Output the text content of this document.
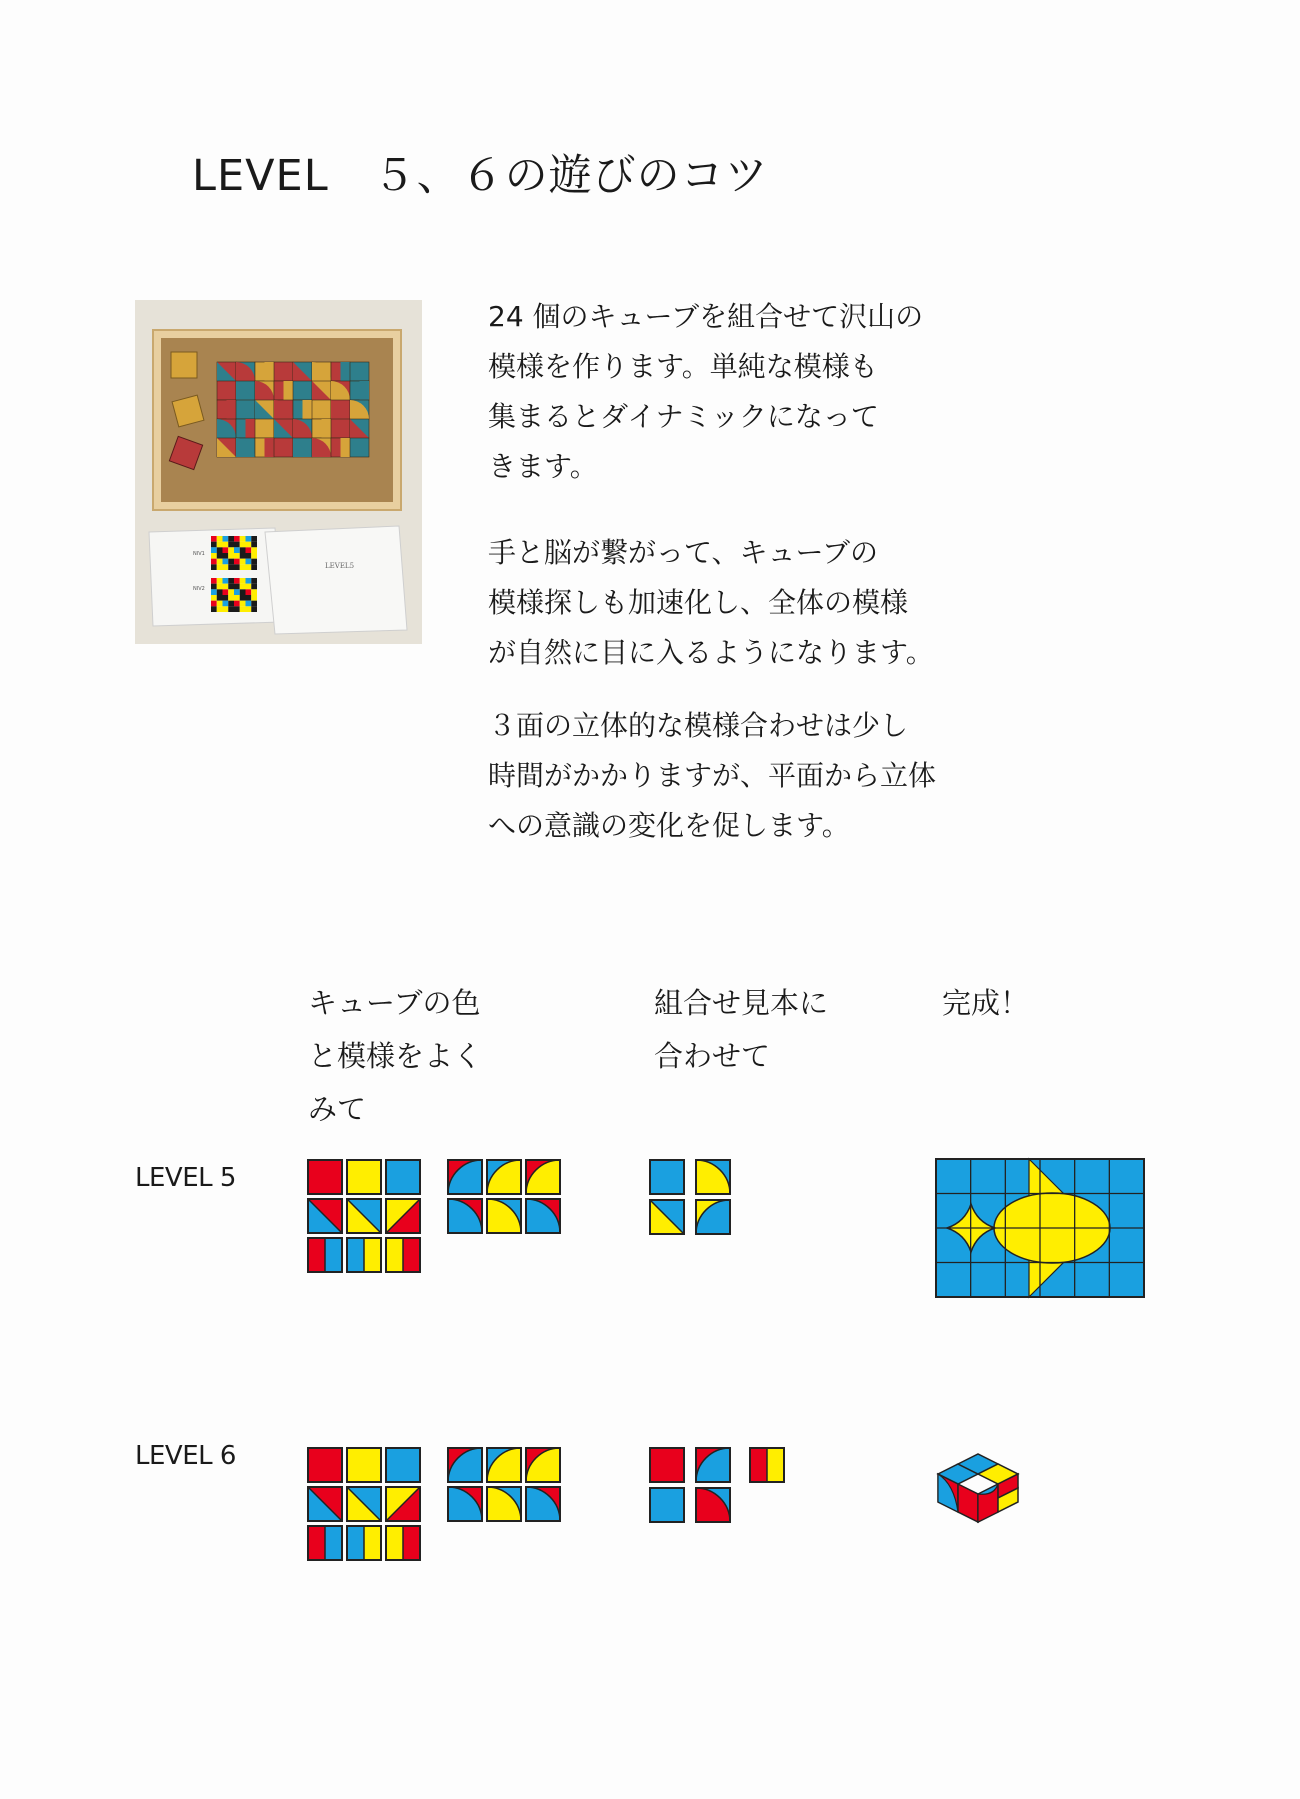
LEVEL　５、６の遊びのコツ
NIV1
NIV2
LEVEL5
24 個のキューブを組合せて沢山の
模様を作ります。単純な模様も
集まるとダイナミックになって
きます。
手と脳が繋がって、キューブの
模様探しも加速化し、全体の模様
が自然に目に入るようになります。
３面の立体的な模様合わせは少し
時間がかかりますが、平面から立体
への意識の変化を促します。
キューブの色
と模様をよく
みて
組合せ見本に
合わせて
完成！
LEVEL 5
LEVEL 6
